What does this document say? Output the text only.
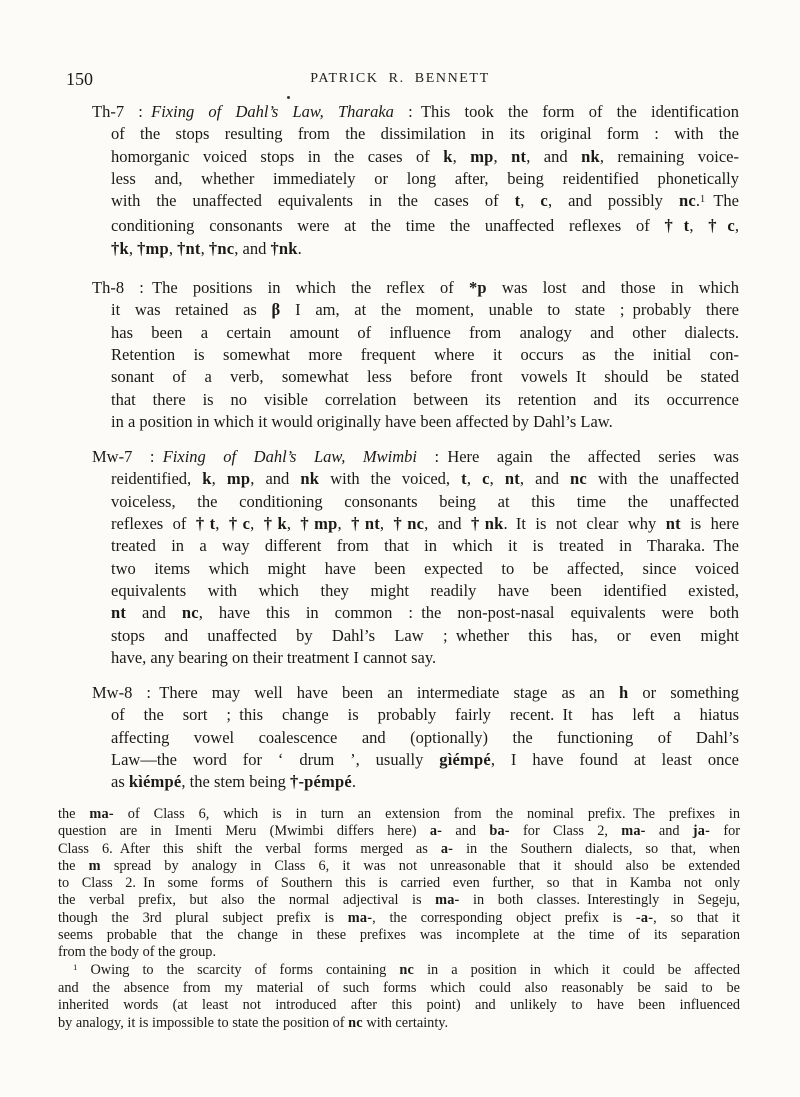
150	PATRICK R. BENNETT
Th-7 : Fixing of Dahl’s Law, Tharaka : This took the form of the identification
of the stops resulting from the dissimilation in its original form : with the
homorganic voiced stops in the cases of k, mp, nt, and nk, remaining voice-
less and, whether immediately or long after, being reidentified phonetically
with the unaffected equivalents in the cases of t, c, and possibly nc.$^1$ The
conditioning consonants were at the time the unaffected reflexes of †t, †c,
†k, †mp, †nt, †nc, and †nk.
Th-8 : The positions in which the reflex of *p was lost and those in which
it was retained as β I am, at the moment, unable to state ; probably there
has been a certain amount of influence from analogy and other dialects.
Retention is somewhat more frequent where it occurs as the initial con-
sonant of a verb, somewhat less before front vowels It should be stated
that there is no visible correlation between its retention and its occurrence
in a position in which it would originally have been affected by Dahl’s Law.
Mw-7 : Fixing of Dahl’s Law, Mwimbi : Here again the affected series was
reidentified, k, mp, and nk with the voiced, t, c, nt, and nc with the unaffected
voiceless, the conditioning consonants being at this time the unaffected
reflexes of †t, †c, †k, †mp, †nt, †nc, and †nk. It is not clear why nt is here
treated in a way different from that in which it is treated in Tharaka. The
two items which might have been expected to be affected, since voiced
equivalents with which they might readily have been identified existed,
nt and nc, have this in common : the non-post-nasal equivalents were both
stops and unaffected by Dahl’s Law ; whether this has, or even might
have, any bearing on their treatment I cannot say.
Mw-8 : There may well have been an intermediate stage as an h or something
of the sort ; this change is probably fairly recent. It has left a hiatus
affecting vowel coalescence and (optionally) the functioning of Dahl’s
Law—the word for ‘ drum ’, usually gìémpé, I have found at least once
as kìémpé, the stem being †-pémpé.
the ma- of Class 6, which is in turn an extension from the nominal prefix. The prefixes in
question are in Imenti Meru (Mwimbi differs here) a- and ba- for Class 2, ma- and ja- for
Class 6. After this shift the verbal forms merged as a- in the Southern dialects, so that, when
the m spread by analogy in Class 6, it was not unreasonable that it should also be extended
to Class 2. In some forms of Southern this is carried even further, so that in Kamba not only
the verbal prefix, but also the normal adjectival is ma- in both classes. Interestingly in Segeju,
though the 3rd plural subject prefix is ma-, the corresponding object prefix is -a-, so that it
seems probable that the change in these prefixes was incomplete at the time of its separation
from the body of the group.
$^1$ Owing to the scarcity of forms containing nc in a position in which it could be affected
and the absence from my material of such forms which could also reasonably be said to be
inherited words (at least not introduced after this point) and unlikely to have been influenced
by analogy, it is impossible to state the position of nc with certainty.
